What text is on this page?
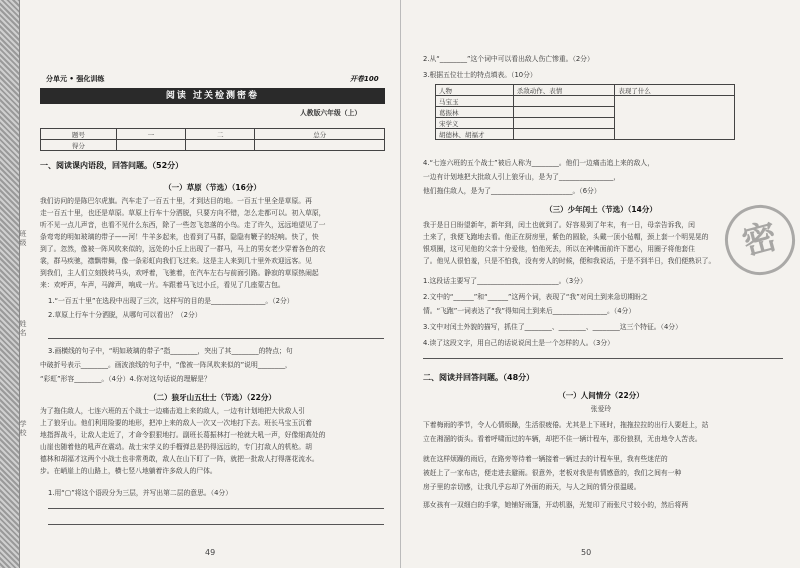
班级
姓名
学校
分单元 • 强化训练	开卷100
阅读 过关检测密卷
人教版六年级（上）
题号	一	二	总分
得分			
一、阅读课内语段，回答问题。（52分）
（一）草原（节选）（16分）
我们访问的是陈巴尔虎旗。汽车走了一百五十里，才到达目的地。一百五十里全是草原。再
走一百五十里，也还是草原。草原上行车十分洒脱，只要方向不错，怎么走都可以。初入草原，
听不见一点儿声音，也看不见什么东西，除了一些忽飞忽落的小鸟。走了许久，远远地望见了一
条弯弯的明如玻璃的带子——河！牛羊多起来，也看到了马群，隐隐有鞭子的轻响。快了，快
到了。忽然，像被一阵风吹来似的，远处的小丘上出现了一群马，马上的男女老少穿着各色的衣
裳，群马疾驰，襟飘带舞，像一条彩虹向我们飞过来。这是主人来到几十里外欢迎远客。见
到我们，主人们立刻拨转马头，欢呼着，飞驰着，在汽车左右与前面引路。静寂的草原热闹起
来：欢呼声，车声，马蹄声，响成一片。车跟着马飞过小丘，看见了几座蒙古包。
1.“一百五十里”在选段中出现了三次，这样写的目的是________________。（2分）
2.草原上行车十分洒脱，从哪句可以看出？（2分）
3.画横线的句子中，“明如玻璃的带子”指________，突出了其________的特点；句
中破折号表示________。画波浪线的句子中，“像被一阵风吹来似的”说明________，
“彩虹”形容________。（4分）4.你对这句话说的理解是？
（二）狼牙山五壮士（节选）（22分）
为了拖住敌人，七连六班的五个战士一边痛击追上来的敌人，一边有计划地把大伙敌人引
上了狼牙山。他们利用险要的地形，把冲上来的敌人一次又一次地打下去。班长马宝玉沉着
地指挥战斗，让敌人走近了，才命令狠狠地打。副班长葛振林打一枪就大吼一声，好像细高处的
山崖也随着他的吼声在震动。战士宋学义的手榴弹总是扔得远远的，专门打敌人的机枪。胡
德林和胡福才这两个小战士也非常勇敢，敌人在山下盯了一阵，就把一批敌人打得落花流水。
步。在峭崖上的山路上，横七竖八地躺着许多敌人的尸体。
1.用“▢”将这个语段分为三层，并写出第二层的意思。（4分）
49
2.从“________”这个词中可以看出敌人伤亡惨重。（2分）
3.根据五位壮士的特点填表。（10分）
人物	杀敌动作、表情	表现了什么
马宝玉		
葛振林		
宋学义		
胡德林、胡福才		
4.“七连六班的五个战士”被后人称为________。他们一边痛击追上来的敌人，
一边有计划地把大批敌人引上狼牙山，是为了________________，
他们拖住敌人，是为了________________________。（6分）
（三）少年闰土（节选）（14分）
我于是日日盼望新年，新年到，闰土也就到了。好容易到了年末，有一日，母亲告诉我，闰
土来了，我便飞跑地去看。他正在厨房里，紫色的圆脸，头戴一顶小毡帽，颈上套一个明晃晃的
银项圈，这可见他的父亲十分爱他，怕他死去，所以在神佛面前许下愿心，用圈子将他套住
了。他见人很怕羞，只是不怕我，没有旁人的时候，便和我说话，于是不到半日，我们便熟识了。
1.这段话主要写了________________________。（3分）
2.文中的“______”和“______”这两个词，表现了“我”对闰土到来急切期盼之
情。“飞跑”一词表达了“我”得知闰土到来后________________。（4分）
3.文中对闰土外貌的描写，抓住了________、________、________这三个特征。（4分）
4.读了这段文字，用自己的话说说闰土是一个怎样的人。（3分）
二、阅读并回答问题。（48分）
（一）人间情分（22分）
张爱玲
下着梅雨的季节，令人心情烦躁，生活很疲倦。尤其是上下班时，拖拖拉拉的出行人要赶上，站
立在湘溜的街头。看着呼啸而过的车辆，却把不住一辆计程车，那份狼狈，无由地令人苦丧。
就在这样烦躁的雨后，在路旁等待着一辆接着一辆过去的计程车里，我有些迷茫的
被赶上了一家布店，便走进去避雨。很意外，老板对我是有情感意的，我们之间有一种
房子里的亲切感，让我几乎忘却了外面的雨天，与人之间的情分很温暖。
那女孩有一双细白的手掌，她铺好雨篷，开动机器，光复印了雨张尺寸较小的，然后将两
50
密
